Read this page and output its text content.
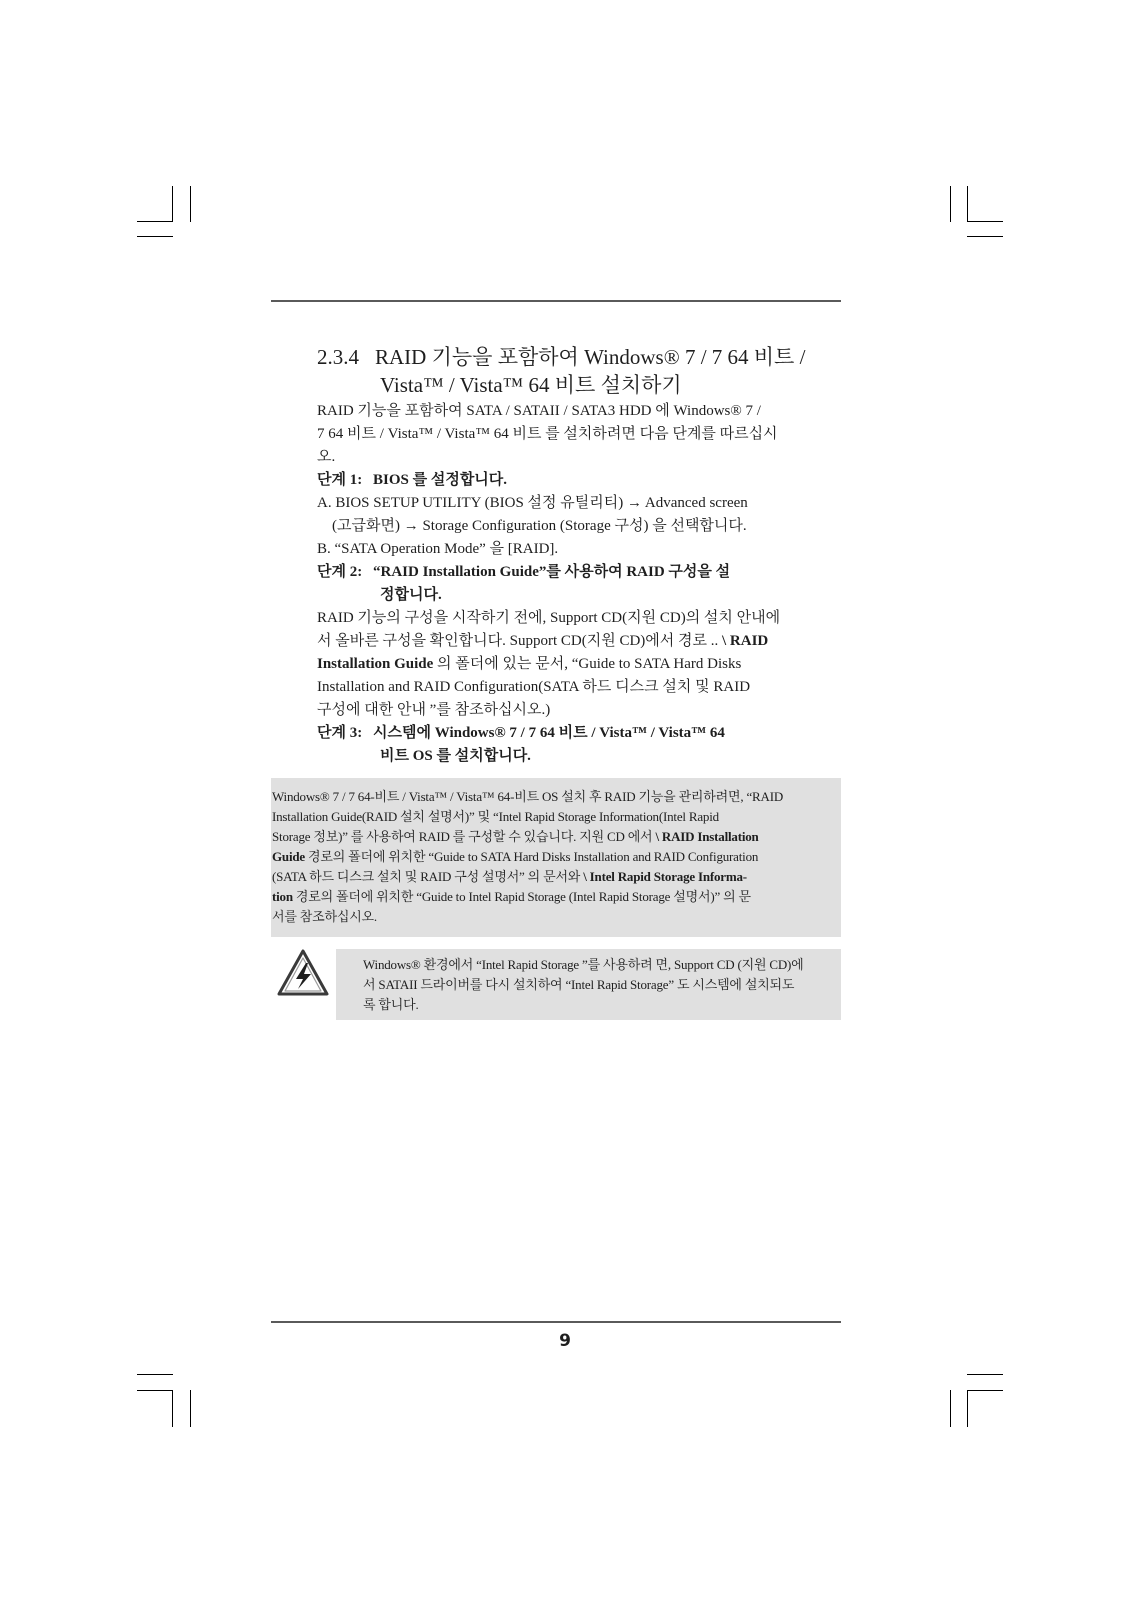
2.3.4 RAID 기능을 포함하여 Windows® 7 / 7 64 비트 /
Vista™ / Vista™ 64 비트 설치하기
RAID 기능을 포함하여 SATA / SATAII / SATA3 HDD 에 Windows® 7 /
7 64 비트 / Vista™ / Vista™ 64 비트 를 설치하려면 다음 단계를 따르십시
오.
단계 1: BIOS 를 설정합니다.
A. BIOS SETUP UTILITY (BIOS 설정 유틸리티) → Advanced screen
(고급화면) → Storage Configuration (Storage 구성) 을 선택합니다.
B. “SATA Operation Mode” 을 [RAID].
단계 2: “RAID Installation Guide”를 사용하여 RAID 구성을 설
정합니다.
RAID 기능의 구성을 시작하기 전에, Support CD(지원 CD)의 설치 안내에
서 올바른 구성을 확인합니다. Support CD(지원 CD)에서 경로 .. \ RAID
Installation Guide 의 폴더에 있는 문서, “Guide to SATA Hard Disks
Installation and RAID Configuration(SATA 하드 디스크 설치 및 RAID
구성에 대한 안내 ”를 참조하십시오.)
단계 3: 시스템에 Windows® 7 / 7 64 비트 / Vista™ / Vista™ 64
비트 OS 를 설치합니다.
Windows® 7 / 7 64-비트 / Vista™ / Vista™ 64-비트 OS 설치 후 RAID 기능을 관리하려면, “RAID
Installation Guide(RAID 설치 설명서)” 및 “Intel Rapid Storage Information(Intel Rapid
Storage 정보)” 를 사용하여 RAID 를 구성할 수 있습니다. 지원 CD 에서 \ RAID Installation
Guide 경로의 폴더에 위치한 “Guide to SATA Hard Disks Installation and RAID Configuration
(SATA 하드 디스크 설치 및 RAID 구성 설명서” 의 문서와 \ Intel Rapid Storage Informa-
tion 경로의 폴더에 위치한 “Guide to Intel Rapid Storage (Intel Rapid Storage 설명서)” 의 문
서를 참조하십시오.
Windows® 환경에서 “Intel Rapid Storage ”를 사용하려 면, Support CD (지원 CD)에
서 SATAII 드라이버를 다시 설치하여 “Intel Rapid Storage” 도 시스템에 설치되도
록 합니다.
9
